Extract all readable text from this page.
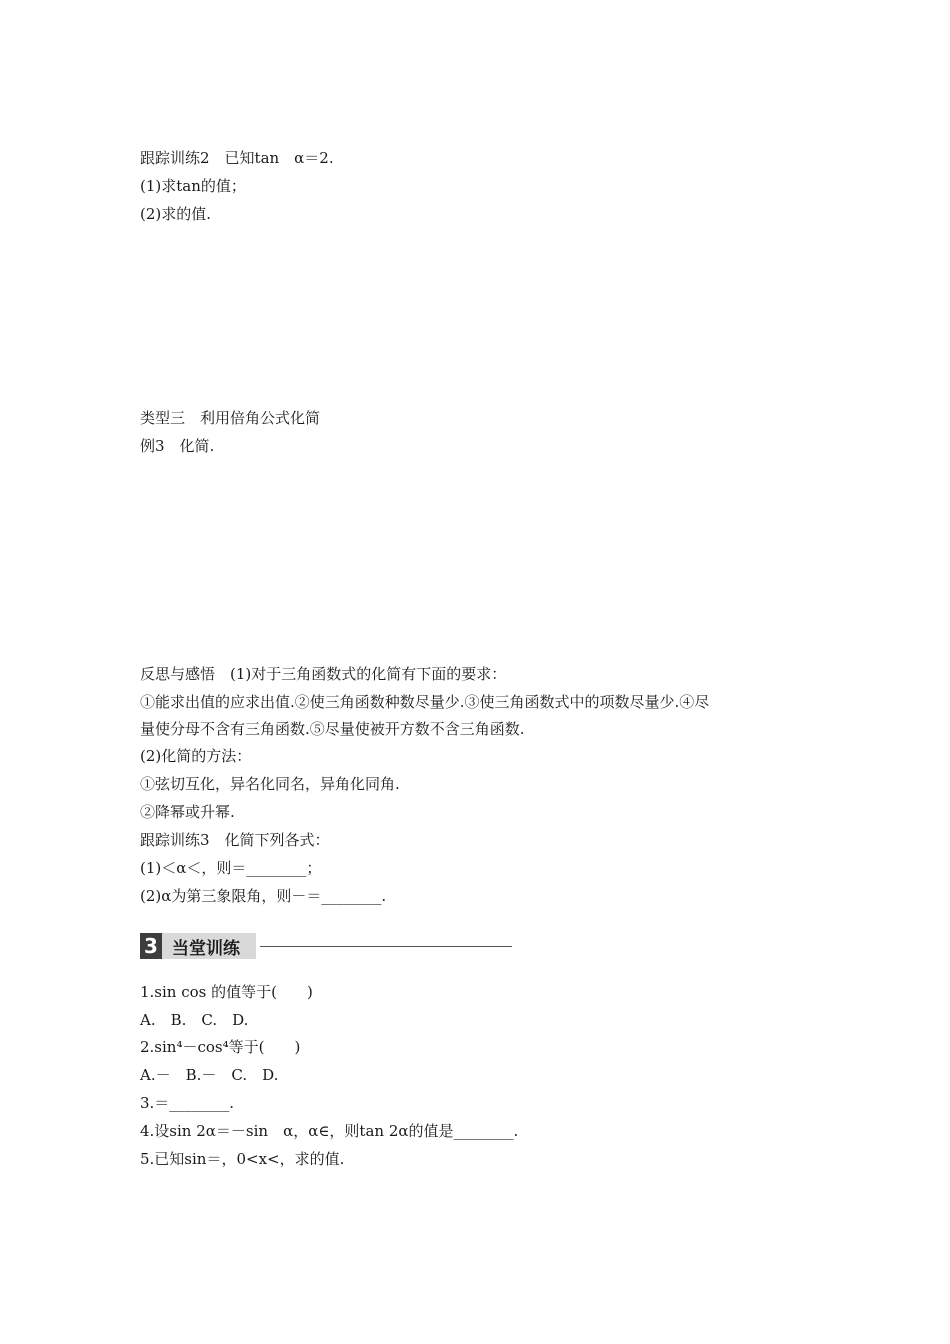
跟踪训练2　已知tan　α＝2.
(1)求tan的值；
(2)求的值.
类型三　利用倍角公式化简
例3　化简.
反思与感悟　(1)对于三角函数式的化简有下面的要求：
①能求出值的应求出值.②使三角函数种数尽量少.③使三角函数式中的项数尽量少.④尽
量使分母不含有三角函数.⑤尽量使被开方数不含三角函数.
(2)化简的方法：
①弦切互化，异名化同名，异角化同角.
②降幂或升幂.
跟踪训练3　化简下列各式：
(1)＜α＜，则＝________；
(2)α为第三象限角，则－＝________.
3 当堂训练
1.sin cos 的值等于(　　)
A.　B.　C.　D.
2.sin⁴－cos⁴等于(　　)
A.－　B.－　C.　D.
3.＝________.
4.设sin 2α＝－sin　α，α∈，则tan 2α的值是________.
5.已知sin＝，0<x<，求的值.
